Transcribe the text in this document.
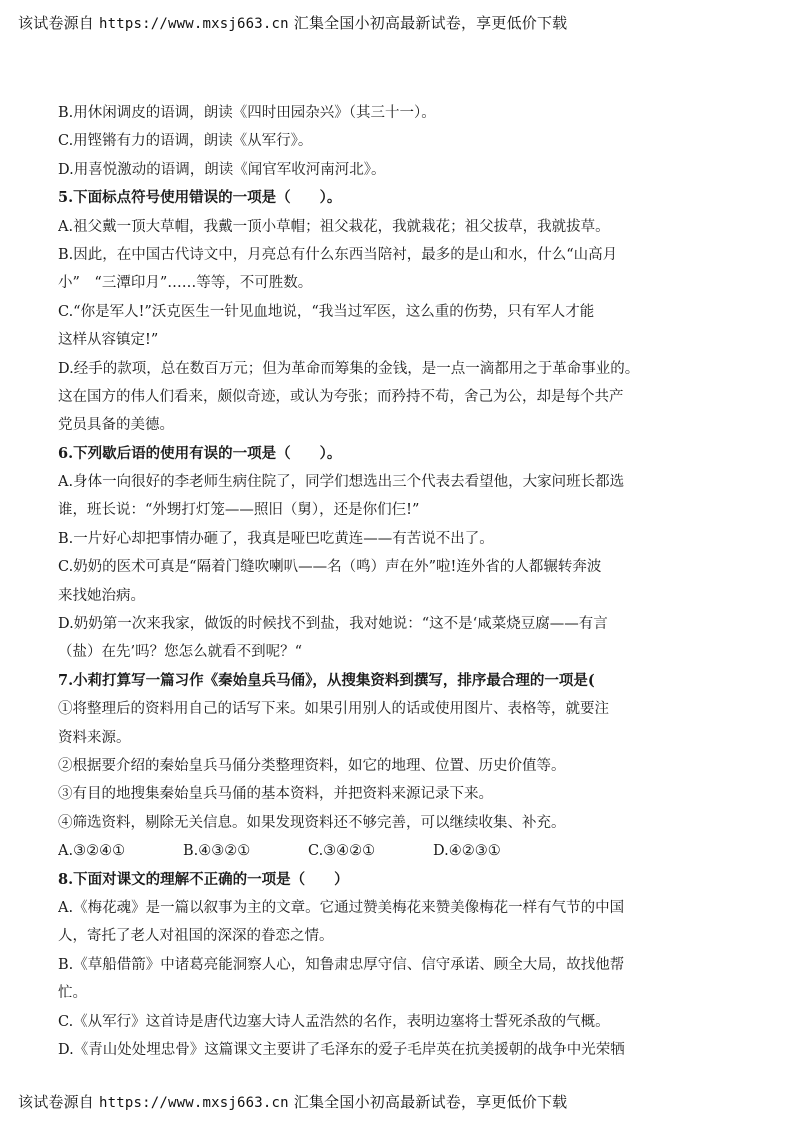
该试卷源自 https://www.mxsj663.cn 汇集全国小初高最新试卷，享更低价下载
B.用休闲调皮的语调，朗读《四时田园杂兴》（其三十一）。
C.用铿锵有力的语调，朗读《从军行》。
D.用喜悦激动的语调，朗读《闻官军收河南河北》。
5.下面标点符号使用错误的一项是（　　）。
A.祖父戴一顶大草帽，我戴一顶小草帽；祖父栽花，我就栽花；祖父拔草，我就拔草。
B.因此，在中国古代诗文中，月亮总有什么东西当陪衬，最多的是山和水，什么“山高月
小”　“三潭印月”……等等，不可胜数。
C.“你是军人!”沃克医生一针见血地说，“我当过军医，这么重的伤势，只有军人才能
这样从容镇定!”
D.经手的款项，总在数百万元；但为革命而筹集的金钱，是一点一滴都用之于革命事业的。
这在国方的伟人们看来，颇似奇迹，或认为夸张；而矜持不苟，舍己为公，却是每个共产
党员具备的美德。
6.下列歇后语的使用有误的一项是（　　）。
A.身体一向很好的李老师生病住院了，同学们想选出三个代表去看望他，大家问班长都选
谁，班长说：“外甥打灯笼——照旧（舅），还是你们仨!”
B.一片好心却把事情办砸了，我真是哑巴吃黄连——有苦说不出了。
C.奶奶的医术可真是“隔着门缝吹喇叭——名（鸣）声在外”啦!连外省的人都辗转奔波
来找她治病。
D.奶奶第一次来我家，做饭的时候找不到盐，我对她说：“这不是‘咸菜烧豆腐——有言
（盐）在先’吗？您怎么就看不到呢？“
7.小莉打算写一篇习作《秦始皇兵马俑》，从搜集资料到撰写，排序最合理的一项是(
①将整理后的资料用自己的话写下来。如果引用别人的话或使用图片、表格等，就要注
资料来源。
②根据要介绍的秦始皇兵马俑分类整理资料，如它的地理、位置、历史价值等。
③有目的地搜集秦始皇兵马俑的基本资料，并把资料来源记录下来。
④筛选资料，剔除无关信息。如果发现资料还不够完善，可以继续收集、补充。
A.③②④①	B.④③②①	C.③④②①	D.④②③①
8.下面对课文的理解不正确的一项是（　　）
A.《梅花魂》是一篇以叙事为主的文章。它通过赞美梅花来赞美像梅花一样有气节的中国
人，寄托了老人对祖国的深深的眷恋之情。
B.《草船借箭》中诸葛亮能洞察人心，知鲁肃忠厚守信、信守承诺、顾全大局，故找他帮
忙。
C.《从军行》这首诗是唐代边塞大诗人孟浩然的名作，表明边塞将士誓死杀敌的气概。
D.《青山处处埋忠骨》这篇课文主要讲了毛泽东的爱子毛岸英在抗美援朝的战争中光荣牺
该试卷源自 https://www.mxsj663.cn 汇集全国小初高最新试卷，享更低价下载
